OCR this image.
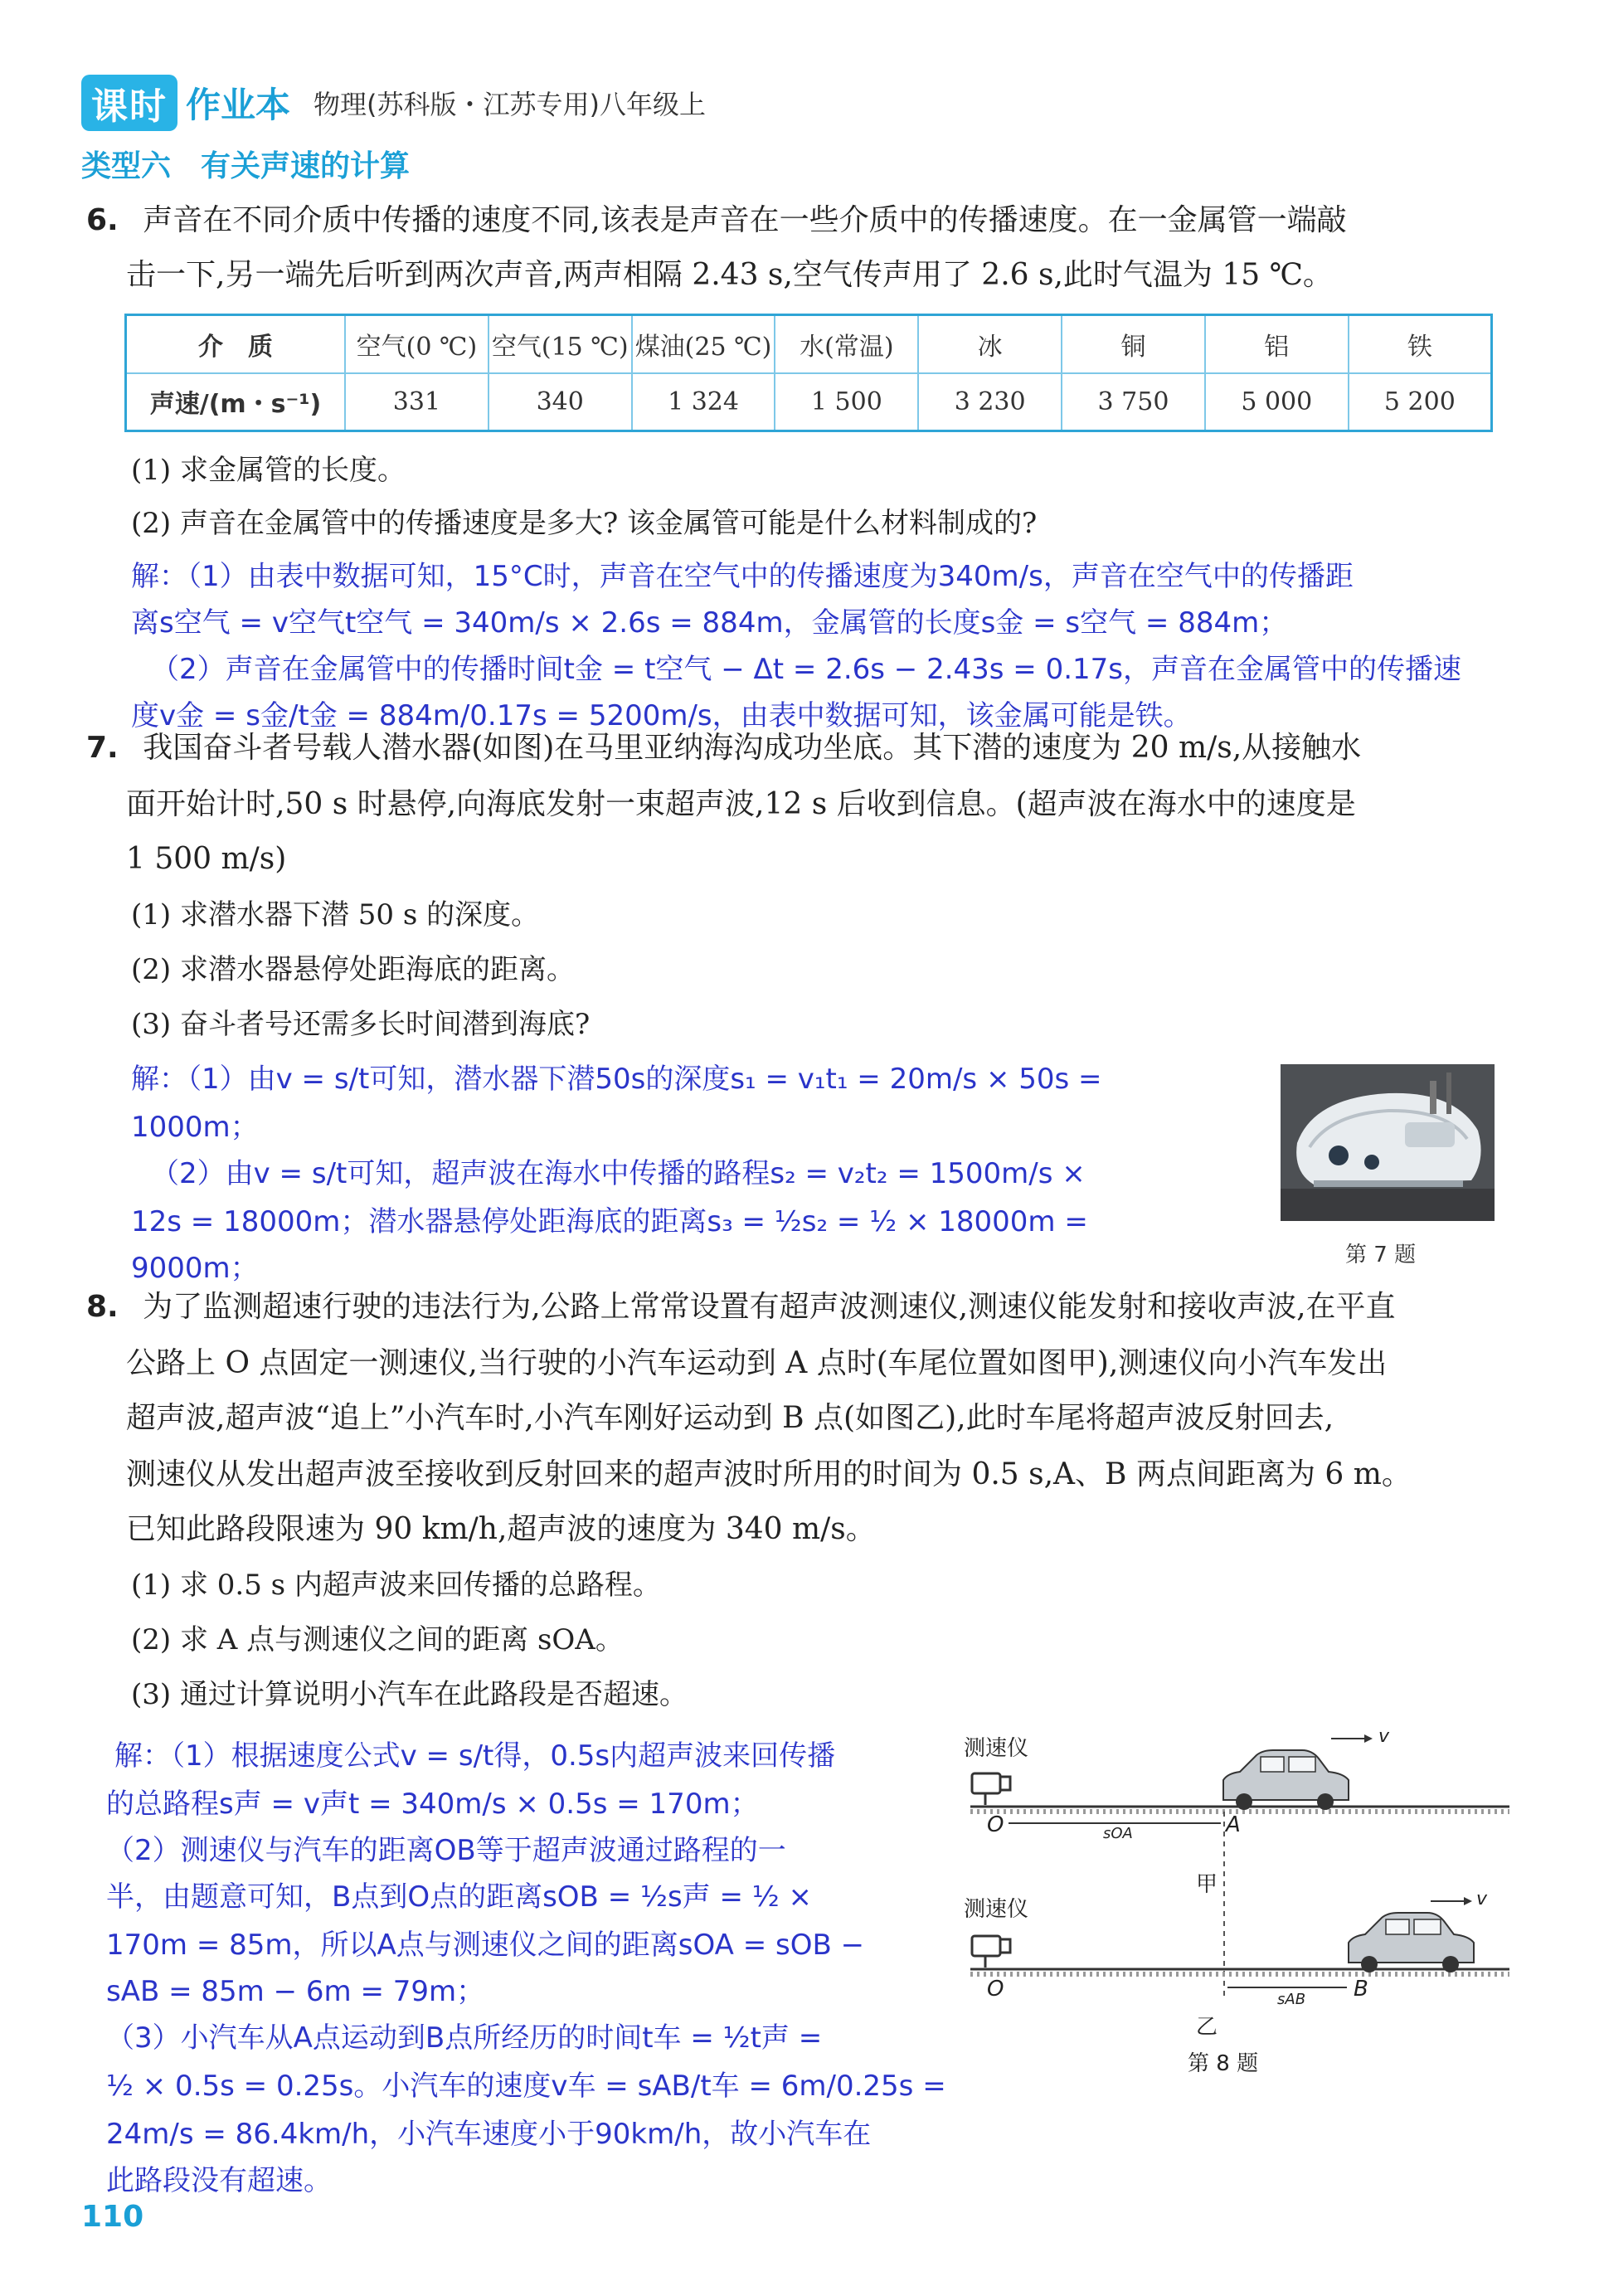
课时 作业本 物理(苏科版・江苏专用)八年级上
类型六　有关声速的计算
6. 声音在不同介质中传播的速度不同,该表是声音在一些介质中的传播速度。在一金属管一端敲
击一下,另一端先后听到两次声音,两声相隔 2.43 s,空气传声用了 2.6 s,此时气温为 15 ℃。
介　质	空气(0 ℃)	空气(15 ℃)	煤油(25 ℃)	水(常温)	冰	铜	铝	铁
声速/(m・s⁻¹)	331	340	1 324	1 500	3 230	3 750	5 000	5 200
(1) 求金属管的长度。
(2) 声音在金属管中的传播速度是多大? 该金属管可能是什么材料制成的?
解：（1）由表中数据可知，15°C时，声音在空气中的传播速度为340m/s，声音在空气中的传播距
离s空气 = v空气t空气 = 340m/s × 2.6s = 884m，金属管的长度s金 = s空气 = 884m；
（2）声音在金属管中的传播时间t金 = t空气 − Δt = 2.6s − 2.43s = 0.17s，声音在金属管中的传播速
度v金 = s金/t金 = 884m/0.17s = 5200m/s，由表中数据可知，该金属可能是铁。
7. 我国奋斗者号载人潜水器(如图)在马里亚纳海沟成功坐底。其下潜的速度为 20 m/s,从接触水
面开始计时,50 s 时悬停,向海底发射一束超声波,12 s 后收到信息。(超声波在海水中的速度是
1 500 m/s)
(1) 求潜水器下潜 50 s 的深度。
(2) 求潜水器悬停处距海底的距离。
(3) 奋斗者号还需多长时间潜到海底?
解：（1）由v = s/t可知，潜水器下潜50s的深度s₁ = v₁t₁ = 20m/s × 50s =
1000m；
（2）由v = s/t可知，超声波在海水中传播的路程s₂ = v₂t₂ = 1500m/s ×
12s = 18000m；潜水器悬停处距海底的距离s₃ = ½s₂ = ½ × 18000m =
9000m；	第 7 题
8. 为了监测超速行驶的违法行为,公路上常常设置有超声波测速仪,测速仪能发射和接收声波,在平直
公路上 O 点固定一测速仪,当行驶的小汽车运动到 A 点时(车尾位置如图甲),测速仪向小汽车发出
超声波,超声波“追上”小汽车时,小汽车刚好运动到 B 点(如图乙),此时车尾将超声波反射回去,
测速仪从发出超声波至接收到反射回来的超声波时所用的时间为 0.5 s,A、B 两点间距离为 6 m。
已知此路段限速为 90 km/h,超声波的速度为 340 m/s。
(1) 求 0.5 s 内超声波来回传播的总路程。
(2) 求 A 点与测速仪之间的距离 sOA。
(3) 通过计算说明小汽车在此路段是否超速。
解：（1）根据速度公式v = s/t得，0.5s内超声波来回传播
的总路程s声 = v声t = 340m/s × 0.5s = 170m；
（2）测速仪与汽车的距离OB等于超声波通过路程的一
半，由题意可知，B点到O点的距离sOB = ½s声 = ½ ×
170m = 85m，所以A点与测速仪之间的距离sOA = sOB −
sAB = 85m − 6m = 79m；
（3）小汽车从A点运动到B点所经历的时间t车 = ½t声 =
½ × 0.5s = 0.25s。小汽车的速度v车 = sAB/t车 = 6m/0.25s =
24m/s = 86.4km/h，小汽车速度小于90km/h，故小汽车在
此路段没有超速。
测速仪
O	sOA	A
v
甲
测速仪
O	sAB B
v
乙
第 8 题
110
